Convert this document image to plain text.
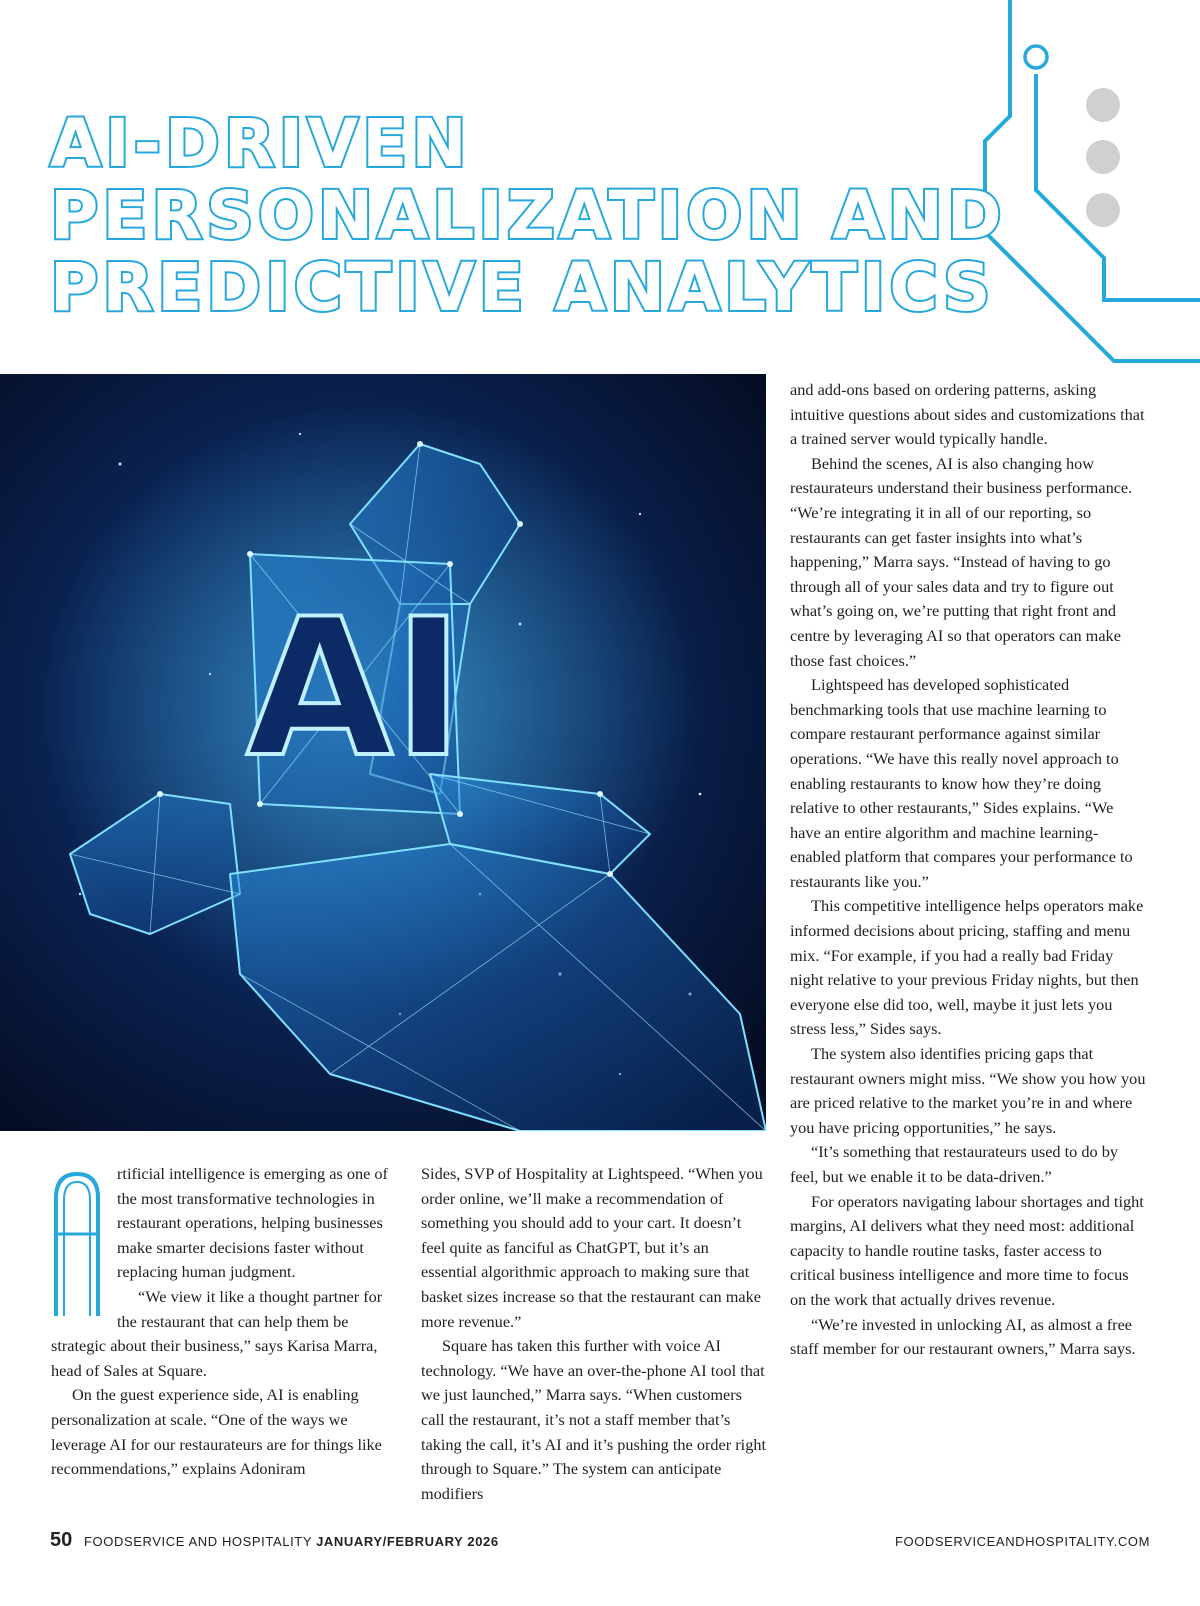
AI-DRIVEN
PERSONALIZATION AND
PREDICTIVE ANALYTICS
AI
A	rtificial intelligence is emerging as one of the most transformative technologies in restaurant operations, helping businesses make smarter decisions faster without replacing human judgment.

“We view it like a thought partner for the restaurant that can help them be strategic about their business,” says Karisa Marra, head of Sales at Square.

On the guest experience side, AI is enabling personalization at scale. “One of the ways we leverage AI for our restaurateurs are for things like recommendations,” explains Adoniram

Sides, SVP of Hospitality at Lightspeed. “When you order online, we’ll make a recommendation of something you should add to your cart. It doesn’t feel quite as fanciful as ChatGPT, but it’s an essential algorithmic approach to making sure that basket sizes increase so that the restaurant can make more revenue.”

Square has taken this further with voice AI technology. “We have an over-the-phone AI tool that we just launched,” Marra says. “When customers call the restaurant, it’s not a staff member that’s taking the call, it’s AI and it’s pushing the order right through to Square.” The system can anticipate modifiers

and add-ons based on ordering patterns, asking intuitive questions about sides and customizations that a trained server would typically handle.

Behind the scenes, AI is also changing how restaurateurs understand their business performance. “We’re integrating it in all of our reporting, so restaurants can get faster insights into what’s happening,” Marra says. “Instead of having to go through all of your sales data and try to figure out what’s going on, we’re putting that right front and centre by leveraging AI so that operators can make those fast choices.”

Lightspeed has developed sophisticated benchmarking tools that use machine learning to compare restaurant performance against similar operations. “We have this really novel approach to enabling restaurants to know how they’re doing relative to other restaurants,” Sides explains. “We have an entire algorithm and machine learning-enabled platform that compares your performance to restaurants like you.”

This competitive intelligence helps operators make informed decisions about pricing, staffing and menu mix. “For example, if you had a really bad Friday night relative to your previous Friday nights, but then everyone else did too, well, maybe it just lets you stress less,” Sides says.

The system also identifies pricing gaps that restaurant owners might miss. “We show you how you are priced relative to the market you’re in and where you have pricing opportunities,” he says.

“It’s something that restaurateurs used to do by feel, but we enable it to be data-driven.”

For operators navigating labour shortages and tight margins, AI delivers what they need most: additional capacity to handle routine tasks, faster access to critical business intelligence and more time to focus on the work that actually drives revenue.

“We’re invested in unlocking AI, as almost a free staff member for our restaurant owners,” Marra says.

50 FOODSERVICE AND HOSPITALITY JANUARY/FEBRUARY 2026	FOODSERVICEANDHOSPITALITY.COM
